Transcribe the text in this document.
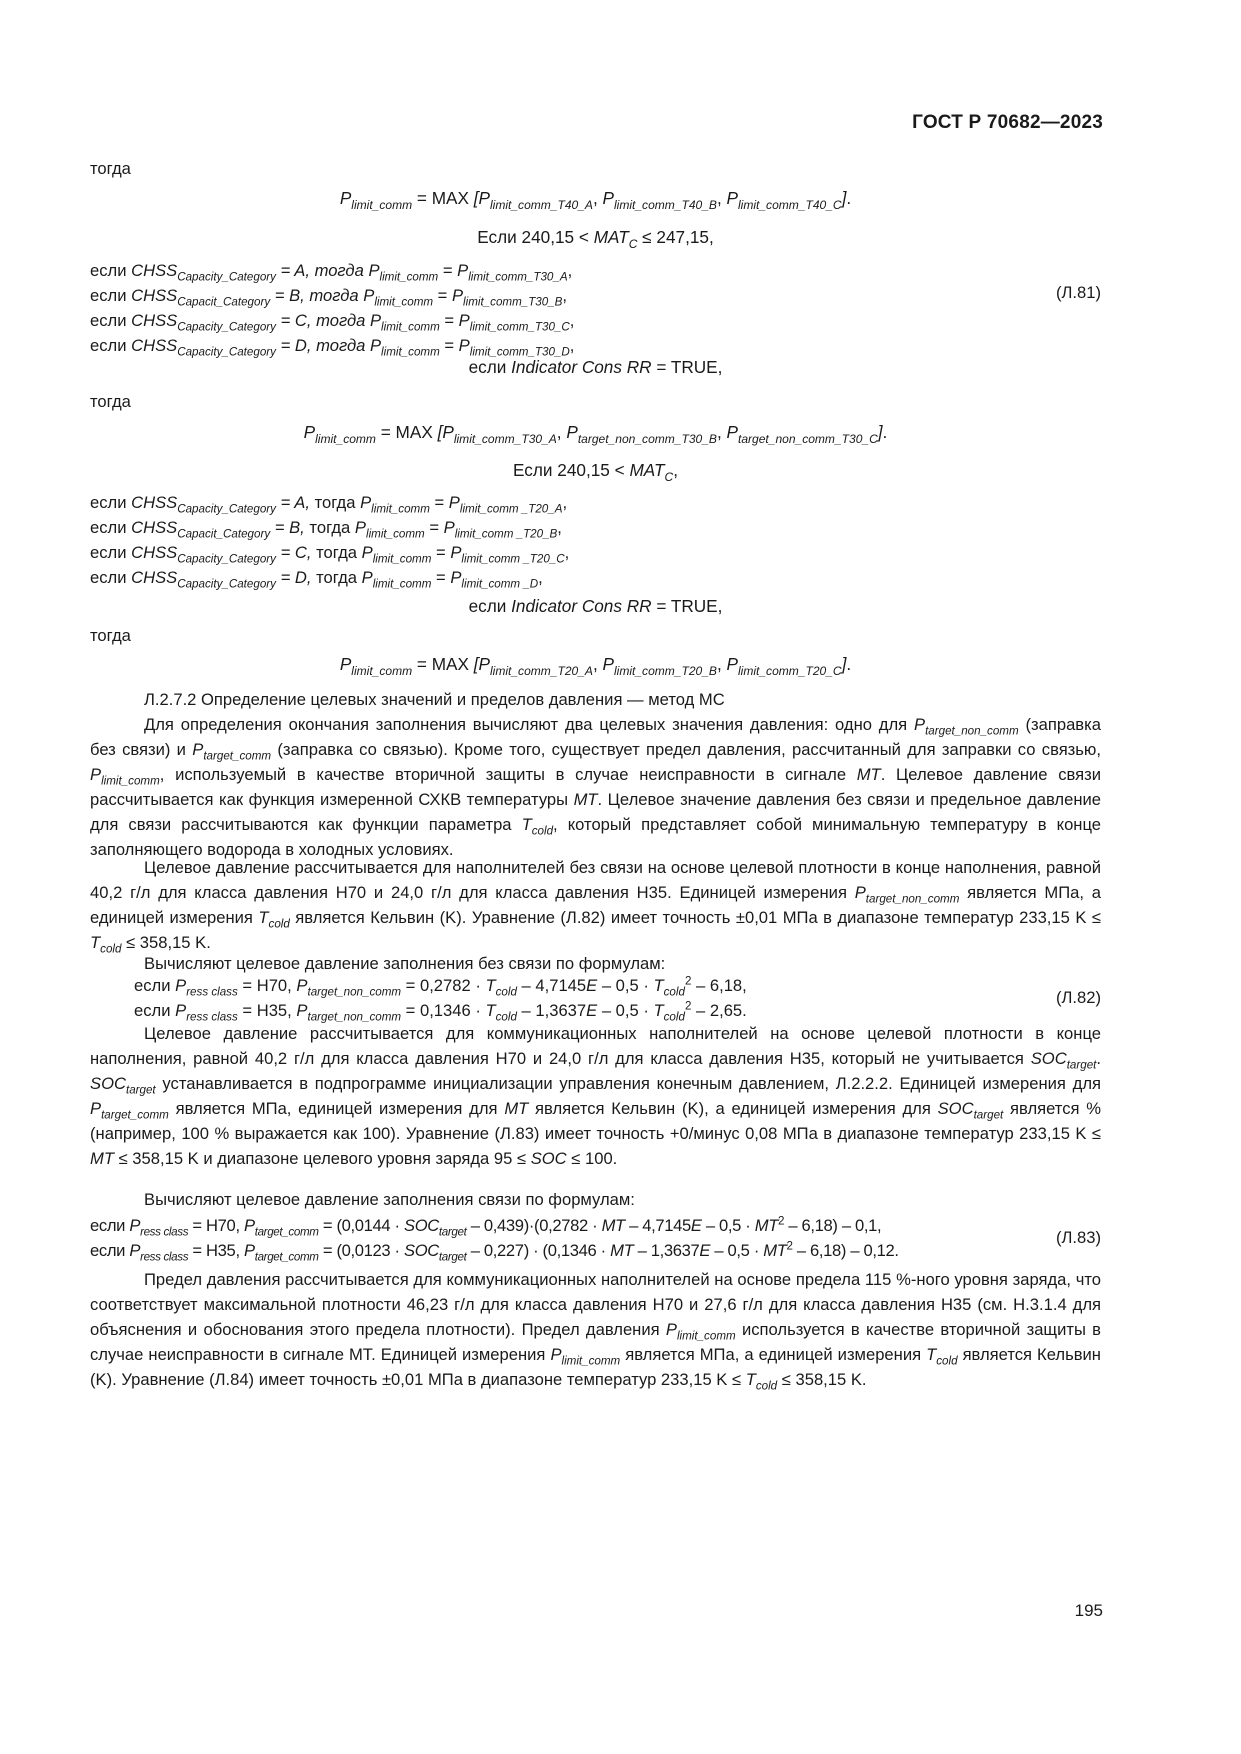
ГОСТ Р 70682—2023
тогда
$P_{limit\_comm}$ = MAX [$P_{limit\_comm\_T40\_A}$, $P_{limit\_comm\_T40\_B}$, $P_{limit\_comm\_T40\_C}$].
Если $240,15 < MAT_C \le 247,15$,
если $CHSS_{Capacity\_Category} = A$, тогда $P_{limit\_comm} = P_{limit\_comm\_T30\_A}$,
если $CHSS_{Capacit\_Category} = B$, тогда $P_{limit\_comm} = P_{limit\_comm\_T30\_B}$,
если $CHSS_{Capacity\_Category} = C$, тогда $P_{limit\_comm} = P_{limit\_comm\_T30\_C}$,
если $CHSS_{Capacity\_Category} = D$, тогда $P_{limit\_comm} = P_{limit\_comm\_T30\_D}$,
(Л.81)
если Indicator Cons RR = TRUE,
тогда
$P_{limit\_comm}$ = MAX [$P_{limit\_comm\_T30\_A}$, $P_{target\_non\_comm\_T30\_B}$, $P_{target\_non\_comm\_T30\_C}$].
Если $240,15 < MAT_C$,
если $CHSS_{Capacity\_Category} = A$, тогда $P_{limit\_comm} = P_{limit\_comm \_T20\_A}$,
если $CHSS_{Capacit\_Category} = B$, тогда $P_{limit\_comm} = P_{limit\_comm \_T20\_B}$,
если $CHSS_{Capacity\_Category} = C$, тогда $P_{limit\_comm} = P_{limit\_comm \_T20\_C}$,
если $CHSS_{Capacity\_Category} = D$, тогда $P_{limit\_comm} = P_{limit\_comm \_D}$,
если Indicator Cons RR = TRUE,
тогда
$P_{limit\_comm}$ = MAX [$P_{limit\_comm\_T20\_A}$, $P_{limit\_comm\_T20\_B}$, $P_{limit\_comm\_T20\_C}$].
Л.2.7.2 Определение целевых значений и пределов давления — метод МС
Для определения окончания заполнения вычисляют два целевых значения давления: одно для $P_{target\_non\_comm}$ (заправка без связи) и $P_{target\_comm}$ (заправка со связью). Кроме того, существует предел давления, рассчитанный для заправки со связью, $P_{limit\_comm}$, используемый в качестве вторичной защиты в случае неисправности в сигнале MT. Целевое давление связи рассчитывается как функция измеренной СХКВ температуры MT. Целевое значение давления без связи и предельное давление для связи рассчитываются как функции параметра $T_{cold}$, который представляет собой минимальную температуру в конце заполняющего водорода в холодных условиях.
Целевое давление рассчитывается для наполнителей без связи на основе целевой плотности в конце наполнения, равной 40,2 г/л для класса давления Н70 и 24,0 г/л для класса давления Н35. Единицей измерения $P_{target\_non\_comm}$ является МПа, а единицей измерения $T_{cold}$ является Кельвин (K). Уравнение (Л.82) имеет точность ±0,01 МПа в диапазоне температур 233,15 $K \le T_{cold} \le 358,15$ K.
Вычисляют целевое давление заполнения без связи по формулам:
если $P_{ress class} = H70$, $P_{target\_non\_comm} = 0,2782 \cdot T_{cold} - 4,7145E - 0,5 \cdot T_{cold}^2 - 6,18$,
если $P_{ress class} = H35$, $P_{target\_non\_comm} = 0,1346 \cdot T_{cold} - 1,3637E - 0,5 \cdot T_{cold}^2 - 2,65$.
(Л.82)
Целевое давление рассчитывается для коммуникационных наполнителей на основе целевой плотности в конце наполнения, равной 40,2 г/л для класса давления Н70 и 24,0 г/л для класса давления Н35, который не учитывается $SOC_{target}$. $SOC_{target}$ устанавливается в подпрограмме инициализации управления конечным давлением, Л.2.2.2. Единицей измерения для $P_{target\_comm}$ является МПа, единицей измерения для MT является Кельвин (K), а единицей измерения для $SOC_{target}$ является % (например, 100 % выражается как 100). Уравнение (Л.83) имеет точность +0/минус 0,08 МПа в диапазоне температур 233,15 K ≤ MT ≤ 358,15 K и диапазоне целевого уровня заряда 95 ≤ SOC ≤ 100.
Вычисляют целевое давление заполнения связи по формулам:
если $P_{ress class} = H70$, $P_{target\_comm} = (0,0144 \cdot SOC_{target} - 0,439)\cdot(0,2782$ · MT – $4,7145E - 0,5 \cdot MT^2 - 6,18) - 0,1$,
если $P_{ress class} = H35$, $P_{target\_comm} = (0,0123 \cdot SOC_{target} - 0,227) \cdot (0,1346$ · MT – $1,3637E - 0,5 \cdot MT^2 - 6,18) - 0,12$.
(Л.83)
Предел давления рассчитывается для коммуникационных наполнителей на основе предела 115 %-ного уровня заряда, что соответствует максимальной плотности 46,23 г/л для класса давления Н70 и 27,6 г/л для класса давления Н35 (см. Н.3.1.4 для объяснения и обоснования этого предела плотности). Предел давления $P_{limit\_comm}$ используется в качестве вторичной защиты в случае неисправности в сигнале МТ. Единицей измерения $P_{limit\_comm}$ является МПа, а единицей измерения $T_{cold}$ является Кельвин (K). Уравнение (Л.84) имеет точность ±0,01 МПа в диапазоне температур 233,15 $K \le T_{cold} \le 358,15$ K.
195
